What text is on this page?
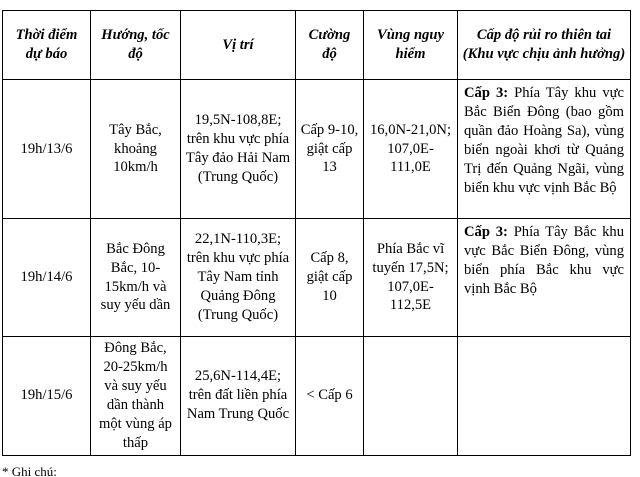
Thời điểm dự báo	Hướng, tốc độ	Vị trí	Cường độ	Vùng nguy hiểm	Cấp độ rủi ro thiên tai (Khu vực chịu ảnh hưởng)
19h/13/6	Tây Bắc, khoảng 10km/h	19,5N-108,8E; trên khu vực phía Tây đảo Hải Nam (Trung Quốc)	Cấp 9-10, giật cấp 13	16,0N-21,0N; 107,0E-111,0E	Cấp 3: Phía Tây khu vực Bắc Biển Đông (bao gồm quần đảo Hoàng Sa), vùng biển ngoài khơi từ Quảng Trị đến Quảng Ngãi, vùng biển khu vực vịnh Bắc Bộ
19h/14/6	Bắc Đông Bắc, 10-15km/h và suy yếu dần	22,1N-110,3E; trên khu vực phía Tây Nam tỉnh Quảng Đông (Trung Quốc)	Cấp 8, giật cấp 10	Phía Bắc vĩ tuyến 17,5N; 107,0E-112,5E	Cấp 3: Phía Tây Bắc khu vực Bắc Biển Đông, vùng biển phía Bắc khu vực vịnh Bắc Bộ
19h/15/6	Đông Bắc, 20-25km/h và suy yếu dần thành một vùng áp thấp	25,6N-114,4E; trên đất liền phía Nam Trung Quốc	< Cấp 6		
* Ghi chú:
